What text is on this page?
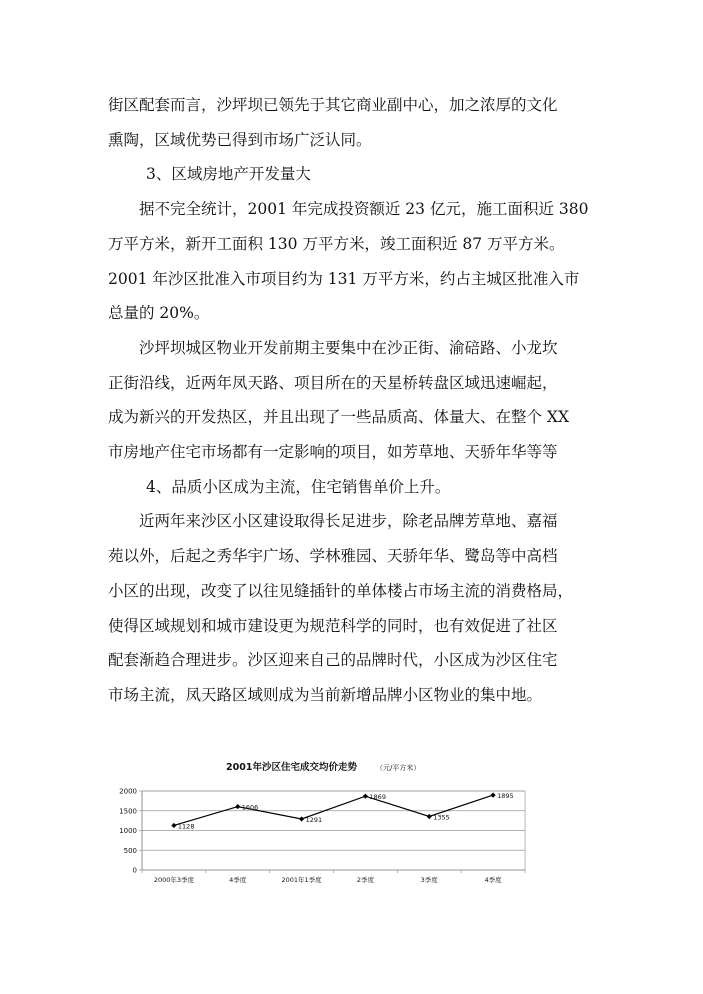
街区配套而言，沙坪坝已领先于其它商业副中心，加之浓厚的文化
熏陶，区域优势已得到市场广泛认同。

3、区域房地产开发量大

据不完全统计，2001 年完成投资额近 23 亿元，施工面积近 380
万平方米，新开工面积 130 万平方米，竣工面积近 87 万平方米。
2001 年沙区批准入市项目约为 131 万平方米，约占主城区批准入市
总量的 20%。

沙坪坝城区物业开发前期主要集中在沙正街、渝碚路、小龙坎
正街沿线，近两年凤天路、项目所在的天星桥转盘区域迅速崛起，
成为新兴的开发热区，并且出现了一些品质高、体量大、在整个 XX
市房地产住宅市场都有一定影响的项目，如芳草地、天骄年华等等

4、品质小区成为主流，住宅销售单价上升。

近两年来沙区小区建设取得长足进步，除老品牌芳草地、嘉福
苑以外，后起之秀华宇广场、学林雅园、天骄年华、鹭岛等中高档
小区的出现，改变了以往见缝插针的单体楼占市场主流的消费格局，
使得区域规划和城市建设更为规范科学的同时，也有效促进了社区
配套渐趋合理进步。沙区迎来自己的品牌时代，小区成为沙区住宅
市场主流，凤天路区域则成为当前新增品牌小区物业的集中地。

2001年沙区住宅成交均价走势	（元/平方米）
0
500
1000
1500
2000
2000年3季度	4季度	2001年1季度	2季度	3季度	4季度
1128
1606
1291
1869
1355
1895
